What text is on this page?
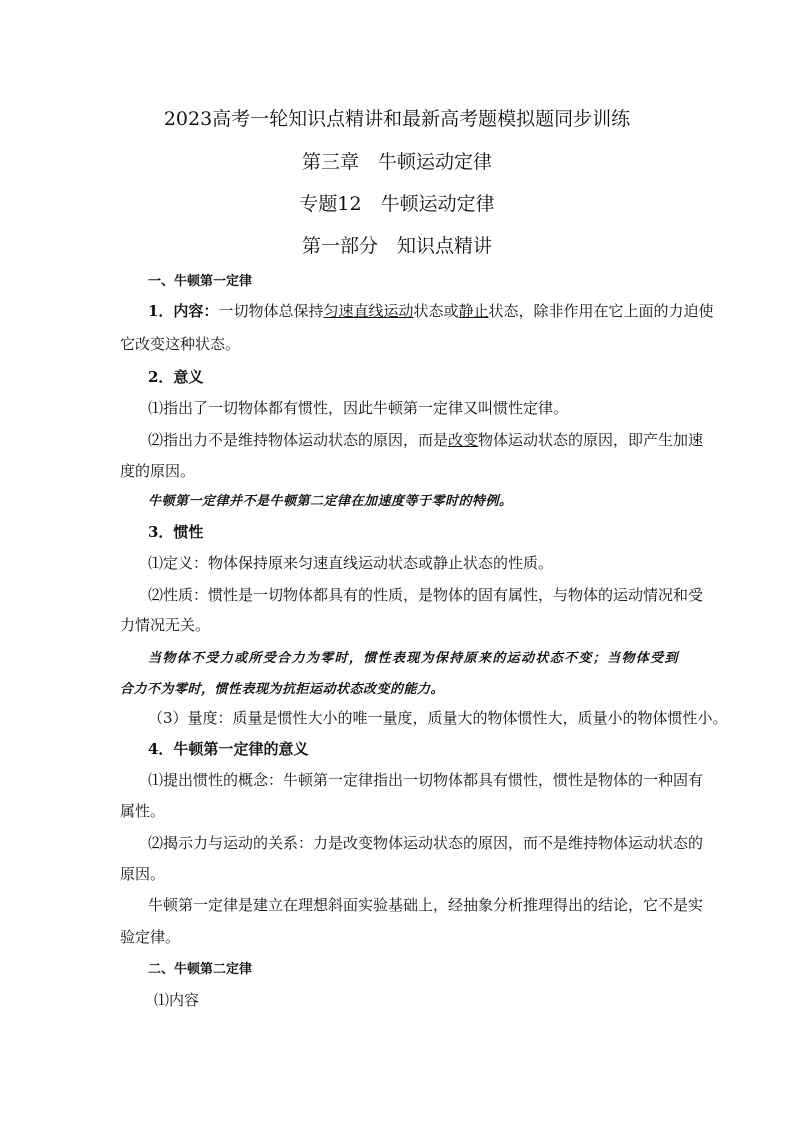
2023高考一轮知识点精讲和最新高考题模拟题同步训练
第三章　牛顿运动定律
专题12　牛顿运动定律
第一部分　知识点精讲
一、牛顿第一定律
1．内容：一切物体总保持匀速直线运动状态或静止状态，除非作用在它上面的力迫使
它改变这种状态。
2．意义
⑴指出了一切物体都有惯性，因此牛顿第一定律又叫惯性定律。
⑵指出力不是维持物体运动状态的原因，而是改变物体运动状态的原因，即产生加速
度的原因。
牛顿第一定律并不是牛顿第二定律在加速度等于零时的特例。
3．惯性
⑴定义：物体保持原来匀速直线运动状态或静止状态的性质。
⑵性质：惯性是一切物体都具有的性质，是物体的固有属性，与物体的运动情况和受
力情况无关。
当物体不受力或所受合力为零时，惯性表现为保持原来的运动状态不变；当物体受到
合力不为零时，惯性表现为抗拒运动状态改变的能力。
（3）量度：质量是惯性大小的唯一量度，质量大的物体惯性大，质量小的物体惯性小。
4．牛顿第一定律的意义
⑴提出惯性的概念：牛顿第一定律指出一切物体都具有惯性，惯性是物体的一种固有
属性。
⑵揭示力与运动的关系：力是改变物体运动状态的原因，而不是维持物体运动状态的
原因。
牛顿第一定律是建立在理想斜面实验基础上，经抽象分析推理得出的结论，它不是实
验定律。
二、牛顿第二定律
⑴内容
